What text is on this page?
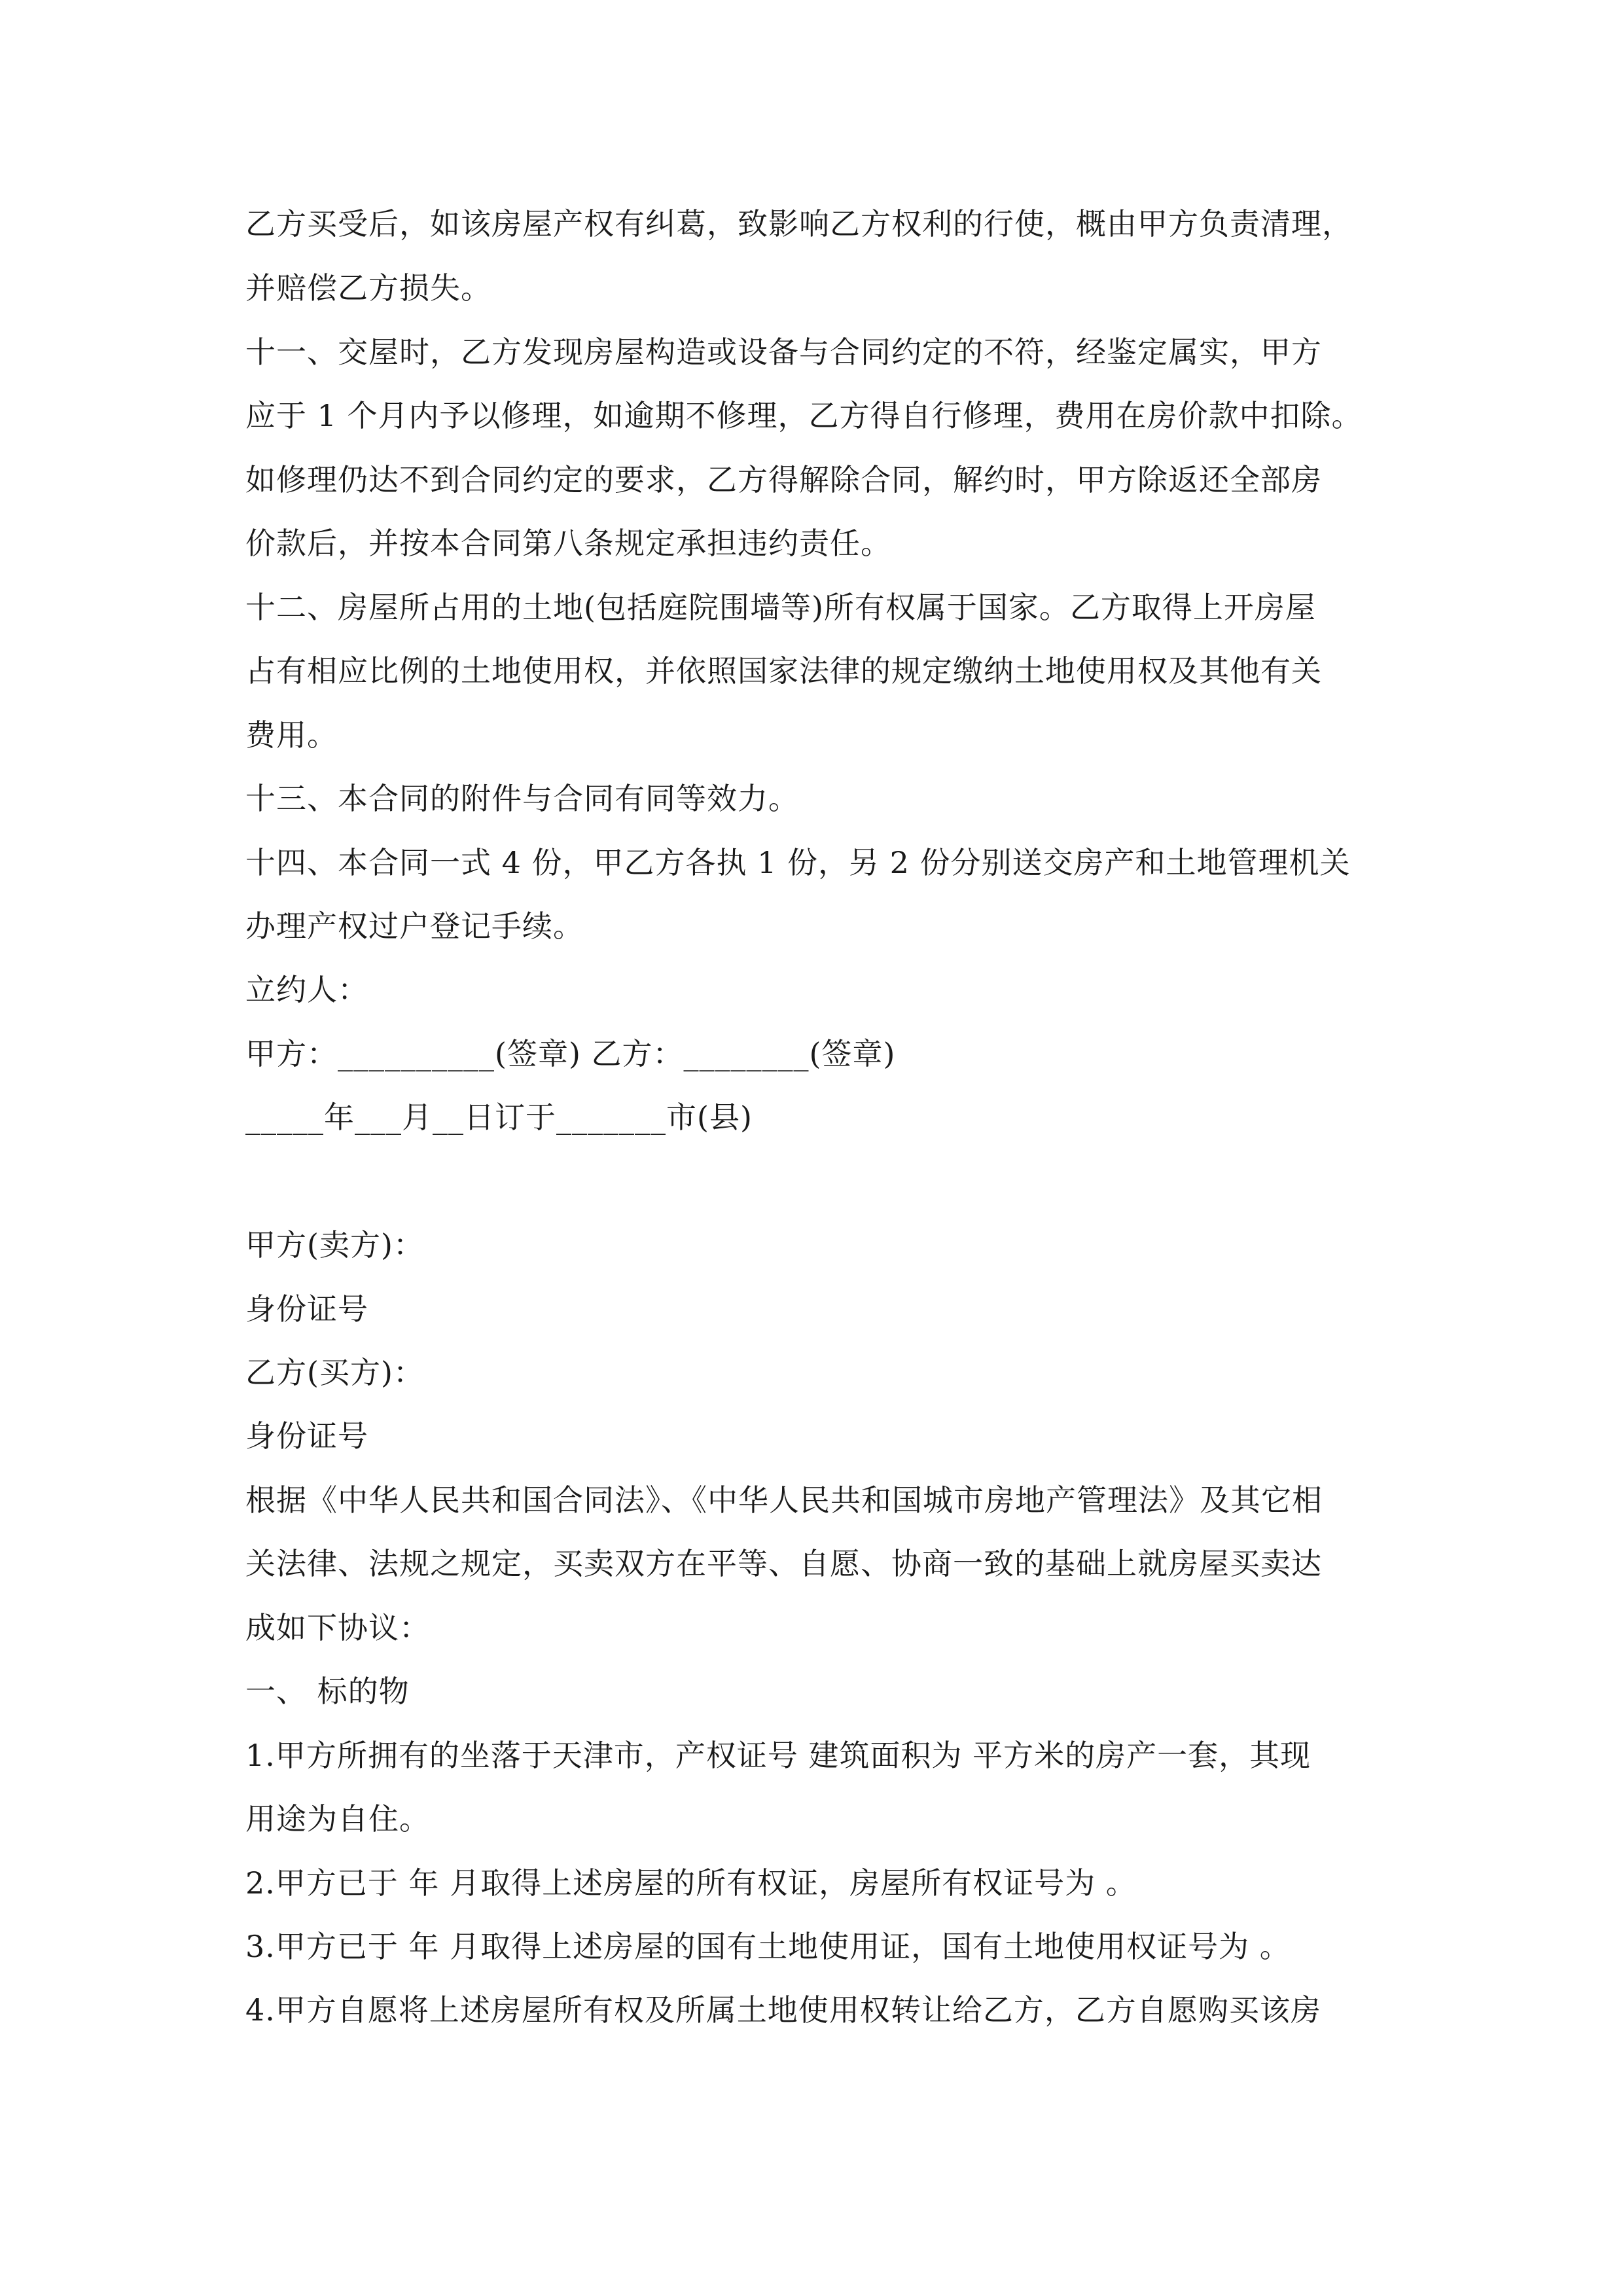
乙方买受后，如该房屋产权有纠葛，致影响乙方权利的行使，概由甲方负责清理，
并赔偿乙方损失。
十一、交屋时，乙方发现房屋构造或设备与合同约定的不符，经鉴定属实，甲方
应于 1 个月内予以修理，如逾期不修理，乙方得自行修理，费用在房价款中扣除。
如修理仍达不到合同约定的要求，乙方得解除合同，解约时，甲方除返还全部房
价款后，并按本合同第八条规定承担违约责任。
十二、房屋所占用的土地(包括庭院围墙等)所有权属于国家。乙方取得上开房屋
占有相应比例的土地使用权，并依照国家法律的规定缴纳土地使用权及其他有关
费用。
十三、本合同的附件与合同有同等效力。
十四、本合同一式 4 份，甲乙方各执 1 份，另 2 份分别送交房产和土地管理机关
办理产权过户登记手续。
立约人：
甲方：__________(签章) 乙方：________(签章)
_____年___月__日订于_______市(县)
甲方(卖方)：
身份证号
乙方(买方)：
身份证号
根据《中华人民共和国合同法》、《中华人民共和国城市房地产管理法》及其它相
关法律、法规之规定，买卖双方在平等、自愿、协商一致的基础上就房屋买卖达
成如下协议：
一、 标的物
1.甲方所拥有的坐落于天津市，产权证号 建筑面积为 平方米的房产一套，其现
用途为自住。
2.甲方已于 年 月取得上述房屋的所有权证，房屋所有权证号为 。
3.甲方已于 年 月取得上述房屋的国有土地使用证，国有土地使用权证号为 。
4.甲方自愿将上述房屋所有权及所属土地使用权转让给乙方，乙方自愿购买该房
